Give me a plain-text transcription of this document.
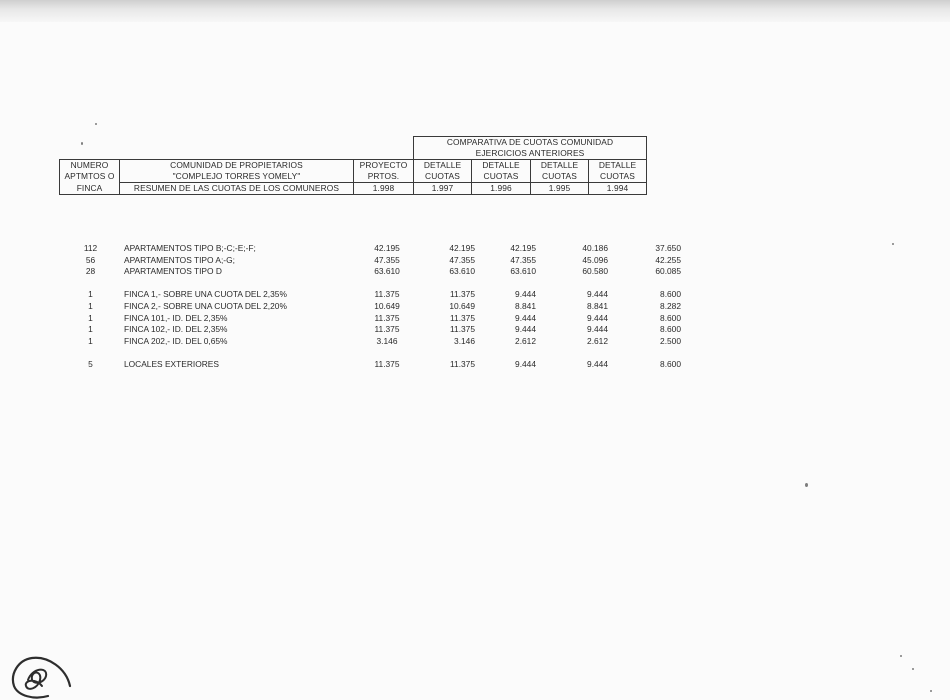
			COMPARATIVA DE CUOTAS COMUNIDAD			
			EJERCICIOS ANTERIORES			
NUMERO	COMUNIDAD DE PROPIETARIOS	PROYECTO	DETALLE	DETALLE	DETALLE	DETALLE
APTMTOS O	"COMPLEJO TORRES YOMELY"	PRTOS.	CUOTAS	CUOTAS	CUOTAS	CUOTAS
FINCA	RESUMEN DE LAS CUOTAS DE LOS COMUNEROS	1.998	1.997	1.996	1.995	1.994
112	APARTAMENTOS TIPO B;-C;-E;-F;	42.195	42.195	42.195	40.186	37.650
56	APARTAMENTOS TIPO A;-G;	47.355	47.355	47.355	45.096	42.255
28	APARTAMENTOS TIPO D	63.610	63.610	63.610	60.580	60.085

1	FINCA 1,- SOBRE UNA CUOTA DEL 2,35%	11.375	11.375	9.444	9.444	8.600
1	FINCA 2,- SOBRE UNA CUOTA DEL 2,20%	10.649	10.649	8.841	8.841	8.282
1	FINCA 101,- ID. DEL 2,35%	11.375	11.375	9.444	9.444	8.600
1	FINCA 102,- ID. DEL 2,35%	11.375	11.375	9.444	9.444	8.600
1	FINCA 202,- ID. DEL 0,65%	3.146	3.146	2.612	2.612	2.500

5	LOCALES EXTERIORES	11.375	11.375	9.444	9.444	8.600
